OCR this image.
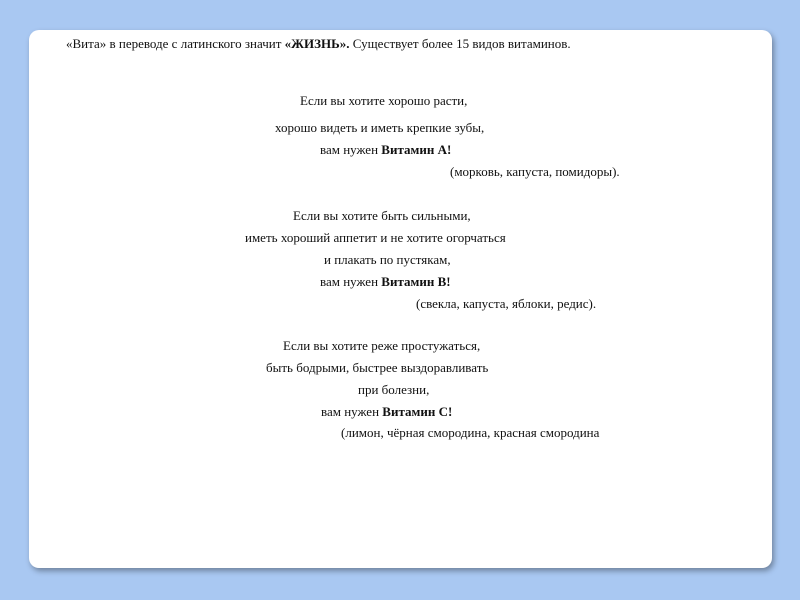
«Вита» в переводе с латинского значит «ЖИЗНЬ». Существует более 15 видов витаминов.
Если вы хотите хорошо расти,
хорошо видеть и иметь крепкие зубы,
вам нужен Витамин А!
(морковь, капуста, помидоры).
Если вы хотите быть сильными,
иметь хороший аппетит и не хотите огорчаться
и плакать по пустякам,
вам нужен Витамин В!
(свекла, капуста, яблоки, редис).
Если вы хотите реже простужаться,
быть бодрыми, быстрее выздоравливать
при болезни,
вам нужен Витамин С!
(лимон, чёрная смородина, красная смородина
